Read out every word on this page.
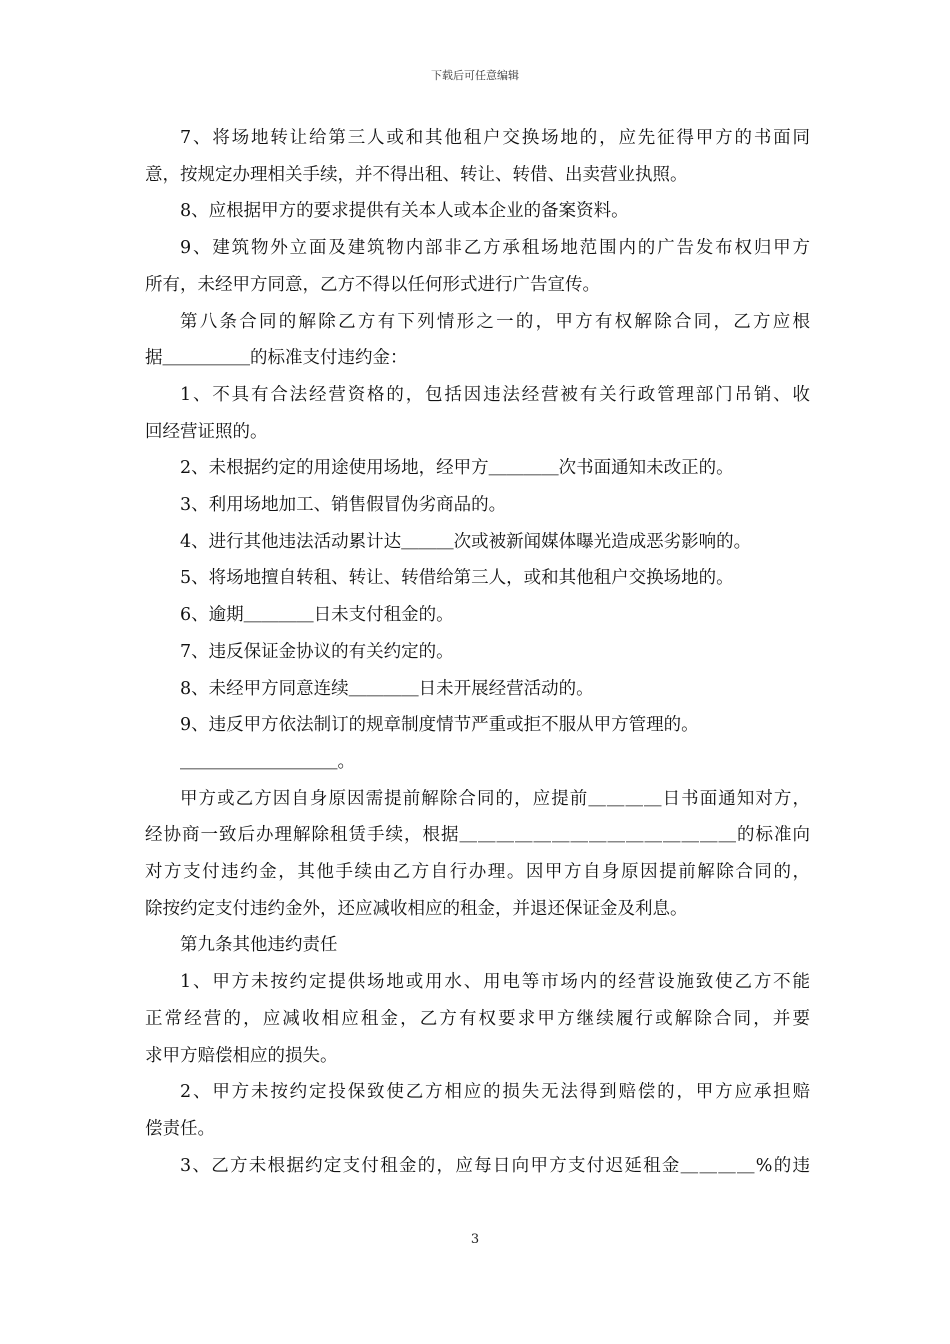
下载后可任意编辑

7、将场地转让给第三人或和其他租户交换场地的，应先征得甲方的书面同

意，按规定办理相关手续，并不得出租、转让、转借、出卖营业执照。

8、应根据甲方的要求提供有关本人或本企业的备案资料。

9、建筑物外立面及建筑物内部非乙方承租场地范围内的广告发布权归甲方

所有，未经甲方同意，乙方不得以任何形式进行广告宣传。

第八条合同的解除乙方有下列情形之一的，甲方有权解除合同，乙方应根

据＿＿＿＿＿的标准支付违约金：

1、不具有合法经营资格的，包括因违法经营被有关行政管理部门吊销、收

回经营证照的。

2、未根据约定的用途使用场地，经甲方＿＿＿＿次书面通知未改正的。

3、利用场地加工、销售假冒伪劣商品的。

4、进行其他违法活动累计达＿＿＿次或被新闻媒体曝光造成恶劣影响的。

5、将场地擅自转租、转让、转借给第三人，或和其他租户交换场地的。

6、逾期＿＿＿＿日未支付租金的。

7、违反保证金协议的有关约定的。

8、未经甲方同意连续＿＿＿＿日未开展经营活动的。

9、违反甲方依法制订的规章制度情节严重或拒不服从甲方管理的。

＿＿＿＿＿＿＿＿＿。

甲方或乙方因自身原因需提前解除合同的，应提前＿＿＿＿日书面通知对方，

经协商一致后办理解除租赁手续，根据＿＿＿＿＿＿＿＿＿＿＿＿＿＿＿的标准向

对方支付违约金，其他手续由乙方自行办理。因甲方自身原因提前解除合同的，

除按约定支付违约金外，还应减收相应的租金，并退还保证金及利息。

第九条其他违约责任

1、甲方未按约定提供场地或用水、用电等市场内的经营设施致使乙方不能

正常经营的，应减收相应租金，乙方有权要求甲方继续履行或解除合同，并要

求甲方赔偿相应的损失。

2、甲方未按约定投保致使乙方相应的损失无法得到赔偿的，甲方应承担赔

偿责任。

3、乙方未根据约定支付租金的，应每日向甲方支付迟延租金＿＿＿＿%的违

3
